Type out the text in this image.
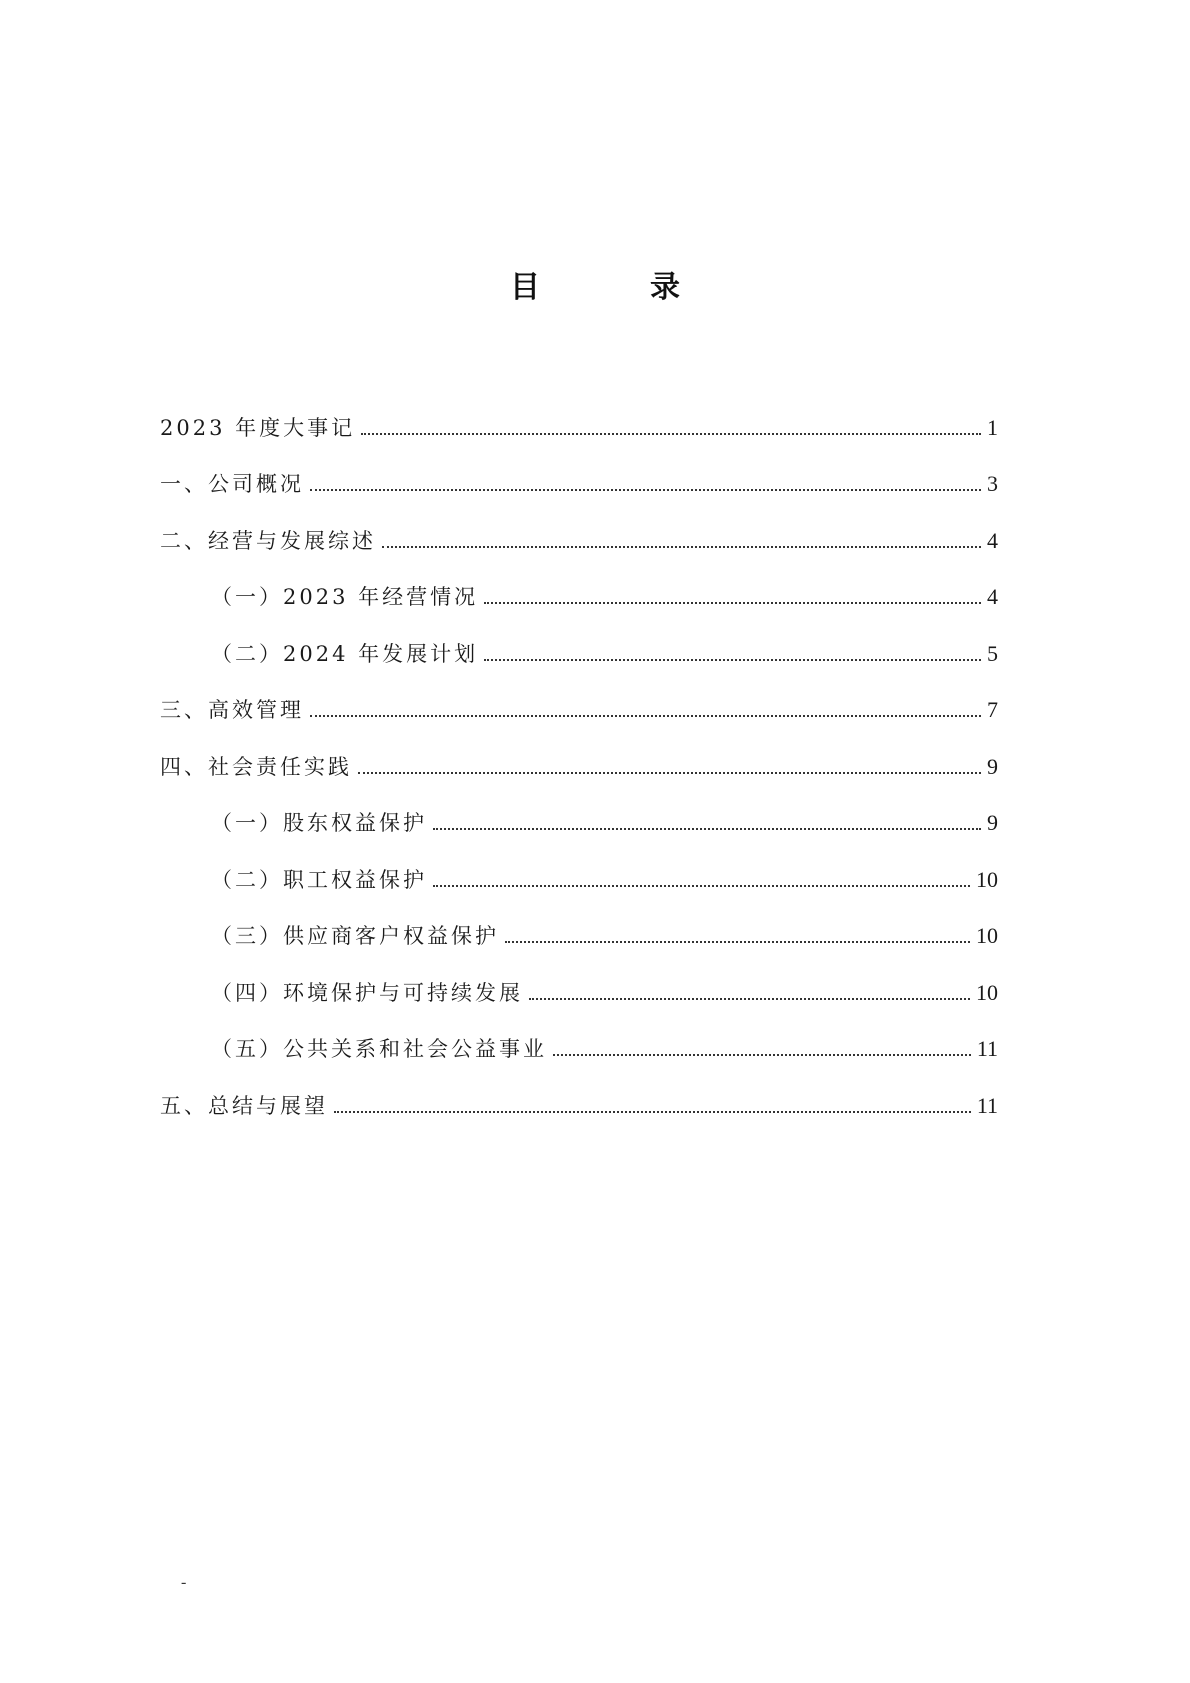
目　录
2023 年度大事记	1
一、公司概况	3
二、经营与发展综述	4
（一）2023 年经营情况	4
（二）2024 年发展计划	5
三、高效管理	7
四、社会责任实践	9
（一）股东权益保护	9
（二）职工权益保护	10
（三）供应商客户权益保护	10
（四）环境保护与可持续发展	10
（五）公共关系和社会公益事业	11
五、总结与展望	11
-
